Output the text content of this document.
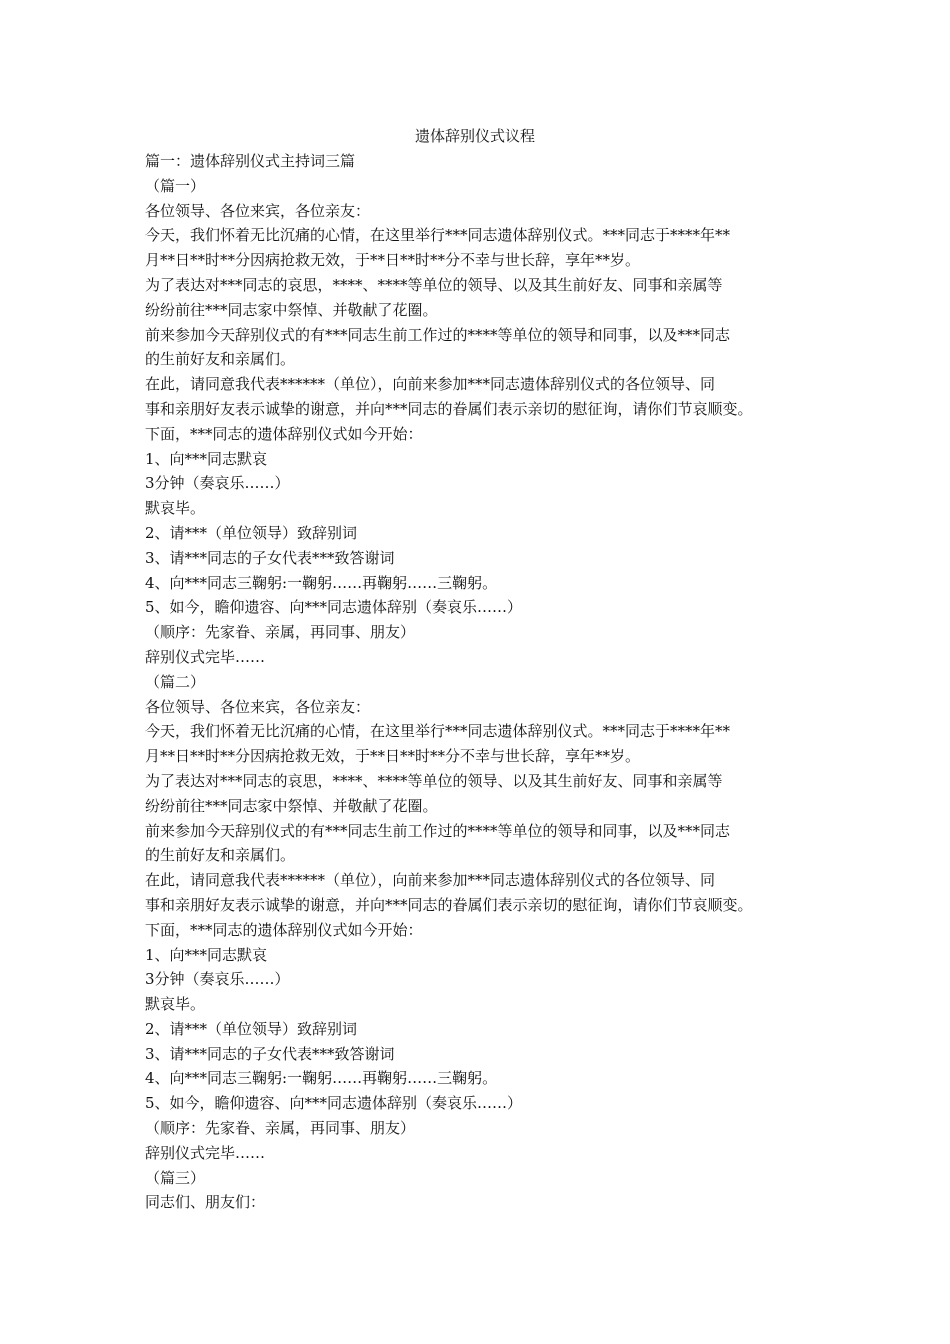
遗体辞别仪式议程
篇一：遗体辞别仪式主持词三篇
（篇一）
各位领导、各位来宾，各位亲友：
今天，我们怀着无比沉痛的心情，在这里举行***同志遗体辞别仪式。***同志于****年**
月**日**时**分因病抢救无效，于**日**时**分不幸与世长辞，享年**岁。
为了表达对***同志的哀思，****、****等单位的领导、以及其生前好友、同事和亲属等
纷纷前往***同志家中祭悼、并敬献了花圈。
前来参加今天辞别仪式的有***同志生前工作过的****等单位的领导和同事，以及***同志
的生前好友和亲属们。
在此，请同意我代表******（单位），向前来参加***同志遗体辞别仪式的各位领导、同
事和亲朋好友表示诚挚的谢意，并向***同志的眷属们表示亲切的慰征询，请你们节哀顺变。
下面，***同志的遗体辞别仪式如今开始：
1、向***同志默哀
3分钟（奏哀乐……）
默哀毕。
2、请***（单位领导）致辞别词
3、请***同志的子女代表***致答谢词
4、向***同志三鞠躬:一鞠躬……再鞠躬……三鞠躬。
5、如今，瞻仰遗容、向***同志遗体辞别（奏哀乐……）
（顺序：先家眷、亲属，再同事、朋友）
辞别仪式完毕……
（篇二）
各位领导、各位来宾，各位亲友：
今天，我们怀着无比沉痛的心情，在这里举行***同志遗体辞别仪式。***同志于****年**
月**日**时**分因病抢救无效，于**日**时**分不幸与世长辞，享年**岁。
为了表达对***同志的哀思，****、****等单位的领导、以及其生前好友、同事和亲属等
纷纷前往***同志家中祭悼、并敬献了花圈。
前来参加今天辞别仪式的有***同志生前工作过的****等单位的领导和同事，以及***同志
的生前好友和亲属们。
在此，请同意我代表******（单位），向前来参加***同志遗体辞别仪式的各位领导、同
事和亲朋好友表示诚挚的谢意，并向***同志的眷属们表示亲切的慰征询，请你们节哀顺变。
下面，***同志的遗体辞别仪式如今开始：
1、向***同志默哀
3分钟（奏哀乐……）
默哀毕。
2、请***（单位领导）致辞别词
3、请***同志的子女代表***致答谢词
4、向***同志三鞠躬:一鞠躬……再鞠躬……三鞠躬。
5、如今，瞻仰遗容、向***同志遗体辞别（奏哀乐……）
（顺序：先家眷、亲属，再同事、朋友）
辞别仪式完毕……
（篇三）
同志们、朋友们：
